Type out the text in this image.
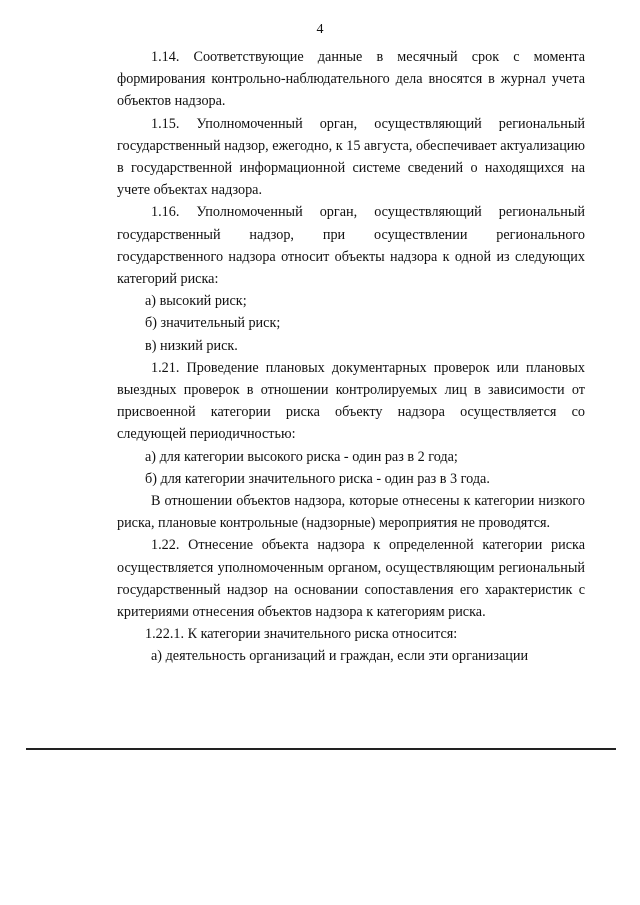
4

1.14. Соответствующие данные в месячный срок с момента формирования контрольно-наблюдательного дела вносятся в журнал учета объектов надзора.

1.15. Уполномоченный орган, осуществляющий региональный государственный надзор, ежегодно, к 15 августа, обеспечивает актуализацию в государственной информационной системе сведений о находящихся на учете объектах надзора.

1.16. Уполномоченный орган, осуществляющий региональный государственный надзор, при осуществлении регионального государственного надзора относит объекты надзора к одной из следующих категорий риска:

а) высокий риск;

б) значительный риск;

в) низкий риск.

1.21. Проведение плановых документарных проверок или плановых выездных проверок в отношении контролируемых лиц в зависимости от присвоенной категории риска объекту надзора осуществляется со следующей периодичностью:

а) для категории высокого риска - один раз в 2 года;

б) для категории значительного риска - один раз в 3 года.

В отношении объектов надзора, которые отнесены к категории низкого риска, плановые контрольные (надзорные) мероприятия не проводятся.

1.22. Отнесение объекта надзора к определенной категории риска осуществляется уполномоченным органом, осуществляющим региональный государственный надзор на основании сопоставления его характеристик с критериями отнесения объектов надзора к категориям риска.

1.22.1. К категории значительного риска относится:

а) деятельность организаций и граждан, если эти организации
